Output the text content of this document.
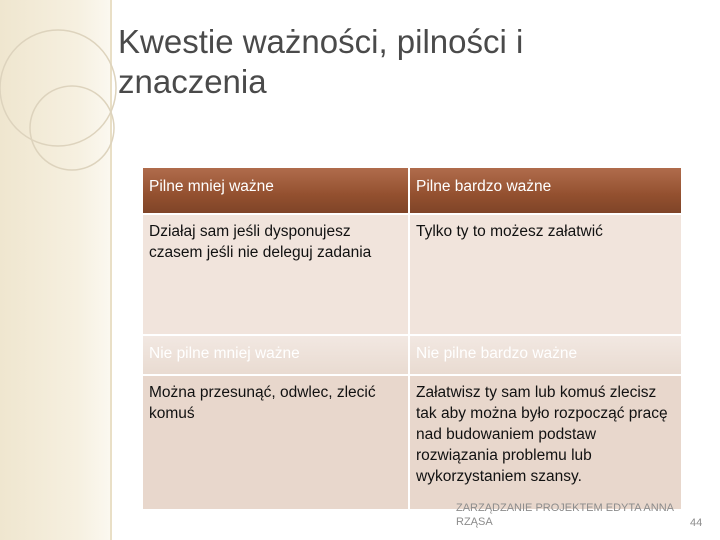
Kwestie ważności, pilności i znaczenia
Pilne mniej ważne	Pilne bardzo ważne
Działaj sam jeśli dysponujesz czasem jeśli nie deleguj zadania	Tylko ty to możesz załatwić
Nie pilne mniej ważne	Nie pilne bardzo ważne
Można przesunąć, odwlec, zlecić komuś	Załatwisz ty sam lub komuś zlecisz tak aby można było rozpocząć pracę nad budowaniem podstaw rozwiązania problemu lub wykorzystaniem szansy.
ZARZĄDZANIE PROJEKTEM EDYTA ANNA RZĄSA	44
